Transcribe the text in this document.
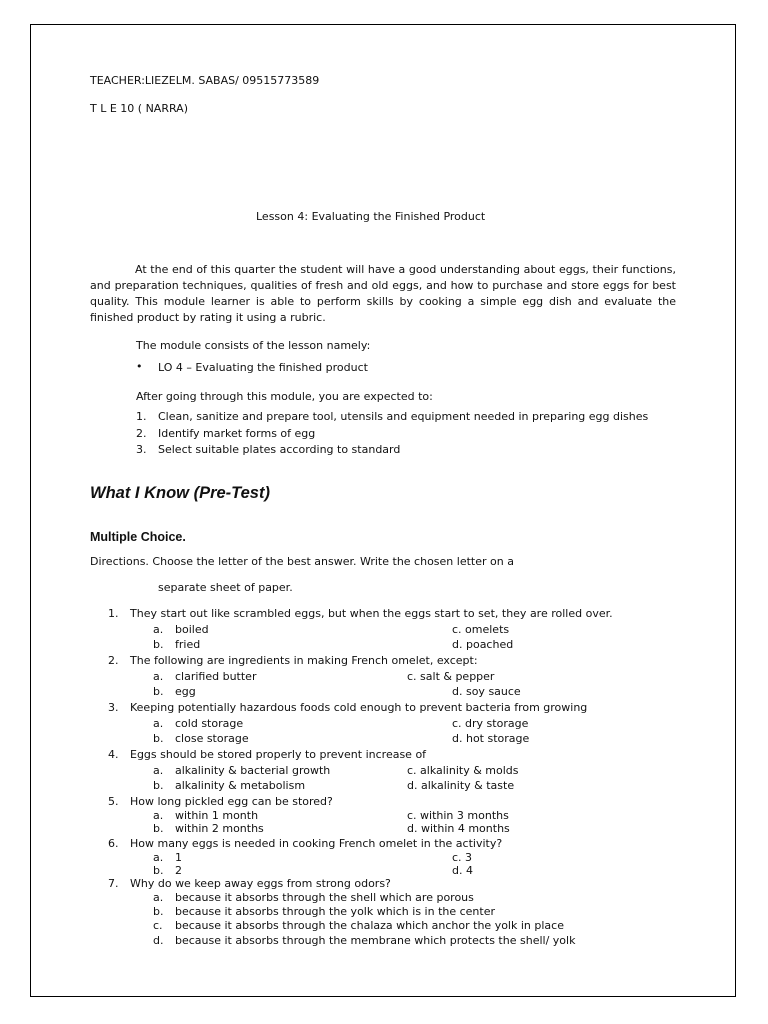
TEACHER:LIEZELM. SABAS/ 09515773589
T L E 10 ( NARRA)
Lesson 4: Evaluating the Finished Product
At the end of this quarter the student will have a good understanding about eggs, their functions, and preparation techniques, qualities of fresh and old eggs, and how to purchase and store eggs for best quality. This module learner is able to perform skills by cooking a simple egg dish and evaluate the finished product by rating it using a rubric.
The module consists of the lesson namely:
• LO 4 – Evaluating the finished product
After going through this module, you are expected to:
1. Clean, sanitize and prepare tool, utensils and equipment needed in preparing egg dishes
2. Identify market forms of egg
3. Select suitable plates according to standard
What I Know (Pre-Test)
Multiple Choice.
Directions. Choose the letter of the best answer. Write the chosen letter on a
separate sheet of paper.
1. They start out like scrambled eggs, but when the eggs start to set, they are rolled over.
a. boiled	c. omelets
b. fried	d. poached
2. The following are ingredients in making French omelet, except:
a. clarified butter	c. salt & pepper
b. egg	d. soy sauce
3. Keeping potentially hazardous foods cold enough to prevent bacteria from growing
a. cold storage	c. dry storage
b. close storage	d. hot storage
4. Eggs should be stored properly to prevent increase of
a. alkalinity & bacterial growth	c. alkalinity & molds
b. alkalinity & metabolism	d. alkalinity & taste
5. How long pickled egg can be stored?
a. within 1 month	c. within 3 months
b. within 2 months	d. within 4 months
6. How many eggs is needed in cooking French omelet in the activity?
a. 1	c. 3
b. 2	d. 4
7. Why do we keep away eggs from strong odors?
a. because it absorbs through the shell which are porous
b. because it absorbs through the yolk which is in the center
c. because it absorbs through the chalaza which anchor the yolk in place
d. because it absorbs through the membrane which protects the shell/ yolk
